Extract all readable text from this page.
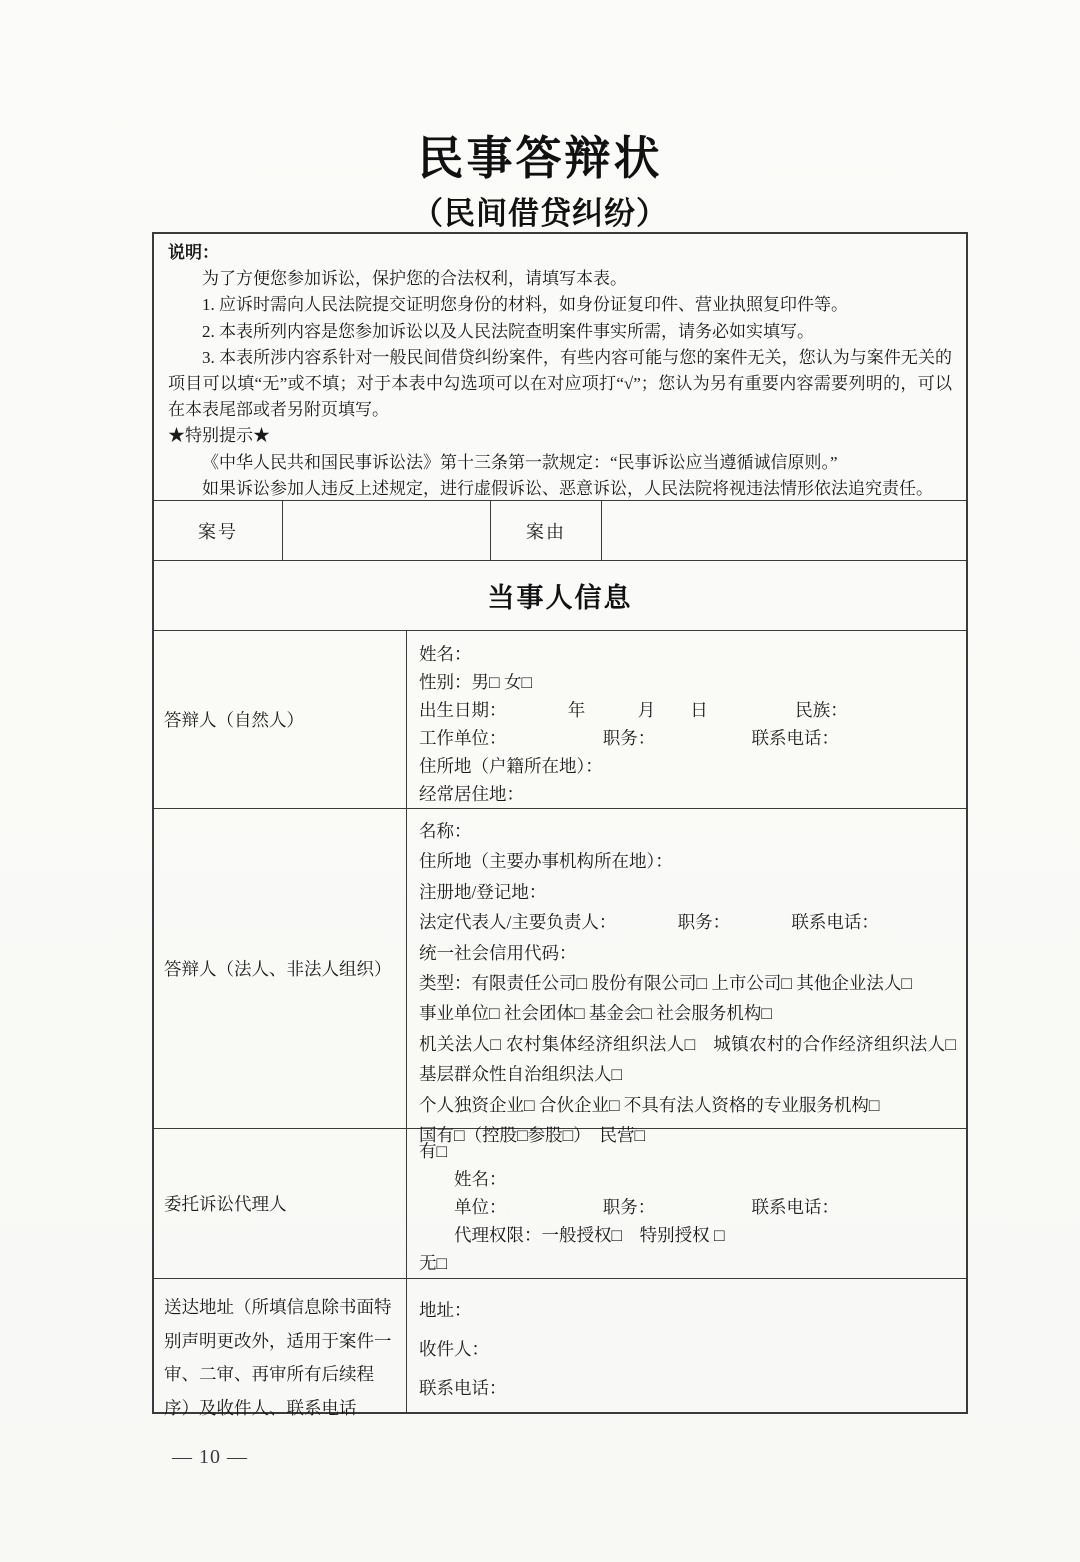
民事答辩状
（民间借贷纠纷）
说明：
为了方便您参加诉讼，保护您的合法权利，请填写本表。
1. 应诉时需向人民法院提交证明您身份的材料，如身份证复印件、营业执照复印件等。
2. 本表所列内容是您参加诉讼以及人民法院查明案件事实所需，请务必如实填写。
3. 本表所涉内容系针对一般民间借贷纠纷案件，有些内容可能与您的案件无关，您认为与案件无关的项目可以填“无”或不填；对于本表中勾选项可以在对应项打“√”；您认为另有重要内容需要列明的，可以在本表尾部或者另附页填写。
★特别提示★
《中华人民共和国民事诉讼法》第十三条第一款规定：“民事诉讼应当遵循诚信原则。”
如果诉讼参加人违反上述规定，进行虚假诉讼、恶意诉讼，人民法院将视违法情形依法追究责任。
案号	案由
当事人信息
答辩人（自然人）
姓名：
性别：男□ 女□
出生日期：　　　　年　　　月　　日　　　　　民族：
工作单位：　　　　　　职务：　　　　　　联系电话：
住所地（户籍所在地）：
经常居住地：
答辩人（法人、非法人组织）
名称：
住所地（主要办事机构所在地）：
注册地/登记地：
法定代表人/主要负责人：　　　　职务：　　　　联系电话：
统一社会信用代码：
类型：有限责任公司□ 股份有限公司□ 上市公司□ 其他企业法人□
事业单位□ 社会团体□ 基金会□ 社会服务机构□
机关法人□ 农村集体经济组织法人□　城镇农村的合作经济组织法人□ 基层群众性自治组织法人□
个人独资企业□ 合伙企业□ 不具有法人资格的专业服务机构□
国有□（控股□参股□）　民营□
委托诉讼代理人
有□
　　姓名：
　　单位：　　　　　　职务：　　　　　　联系电话：
　　代理权限：一般授权□　特别授权 □
无□
送达地址（所填信息除书面特别声明更改外，适用于案件一审、二审、再审所有后续程序）及收件人、联系电话
地址：
收件人：
联系电话：
— 10 —
